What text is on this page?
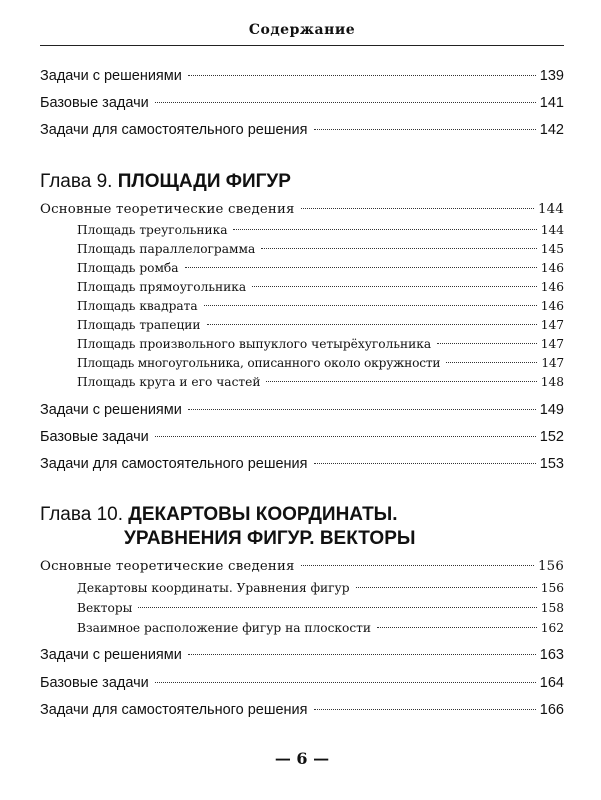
Содержание
Задачи с решениями	139
Базовые задачи	141
Задачи для самостоятельного решения	142
Глава 9. ПЛОЩАДИ ФИГУР
Основные теоретические сведения	144
Площадь треугольника	144
Площадь параллелограмма	145
Площадь ромба	146
Площадь прямоугольника	146
Площадь квадрата	146
Площадь трапеции	147
Площадь произвольного выпуклого четырёхугольника	147
Площадь многоугольника, описанного около окружности	147
Площадь круга и его частей	148
Задачи с решениями	149
Базовые задачи	152
Задачи для самостоятельного решения	153
Глава 10. ДЕКАРТОВЫ КООРДИНАТЫ.
УРАВНЕНИЯ ФИГУР. ВЕКТОРЫ
Основные теоретические сведения	156
Декартовы координаты. Уравнения фигур	156
Векторы	158
Взаимное расположение фигур на плоскости	162
Задачи с решениями	163
Базовые задачи	164
Задачи для самостоятельного решения	166
— 6 —
